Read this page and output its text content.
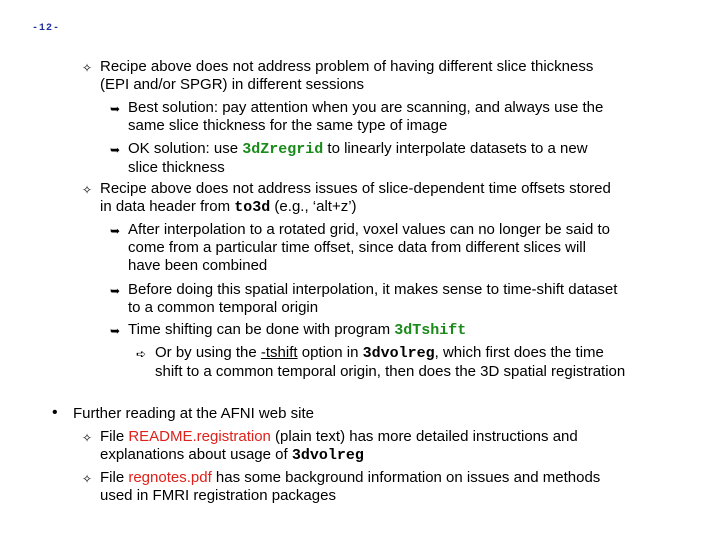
-12-
✧ Recipe above does not address problem of having different slice thickness
(EPI and/or SPGR) in different sessions
➥ Best solution: pay attention when you are scanning, and always use the
same slice thickness for the same type of image
➥ OK solution: use 3dZregrid to linearly interpolate datasets to a new
slice thickness
✧ Recipe above does not address issues of slice-dependent time offsets stored
in data header from to3d (e.g., ‘alt+z’)
➥ After interpolation to a rotated grid, voxel values can no longer be said to
come from a particular time offset, since data from different slices will
have been combined
➥ Before doing this spatial interpolation, it makes sense to time-shift dataset
to a common temporal origin
➥ Time shifting can be done with program 3dTshift
➪ Or by using the -tshift option in 3dvolreg, which first does the time
shift to a common temporal origin, then does the 3D spatial registration
• Further reading at the AFNI web site
✧ File README.registration (plain text) has more detailed instructions and
explanations about usage of 3dvolreg
✧ File regnotes.pdf has some background information on issues and methods
used in FMRI registration packages
